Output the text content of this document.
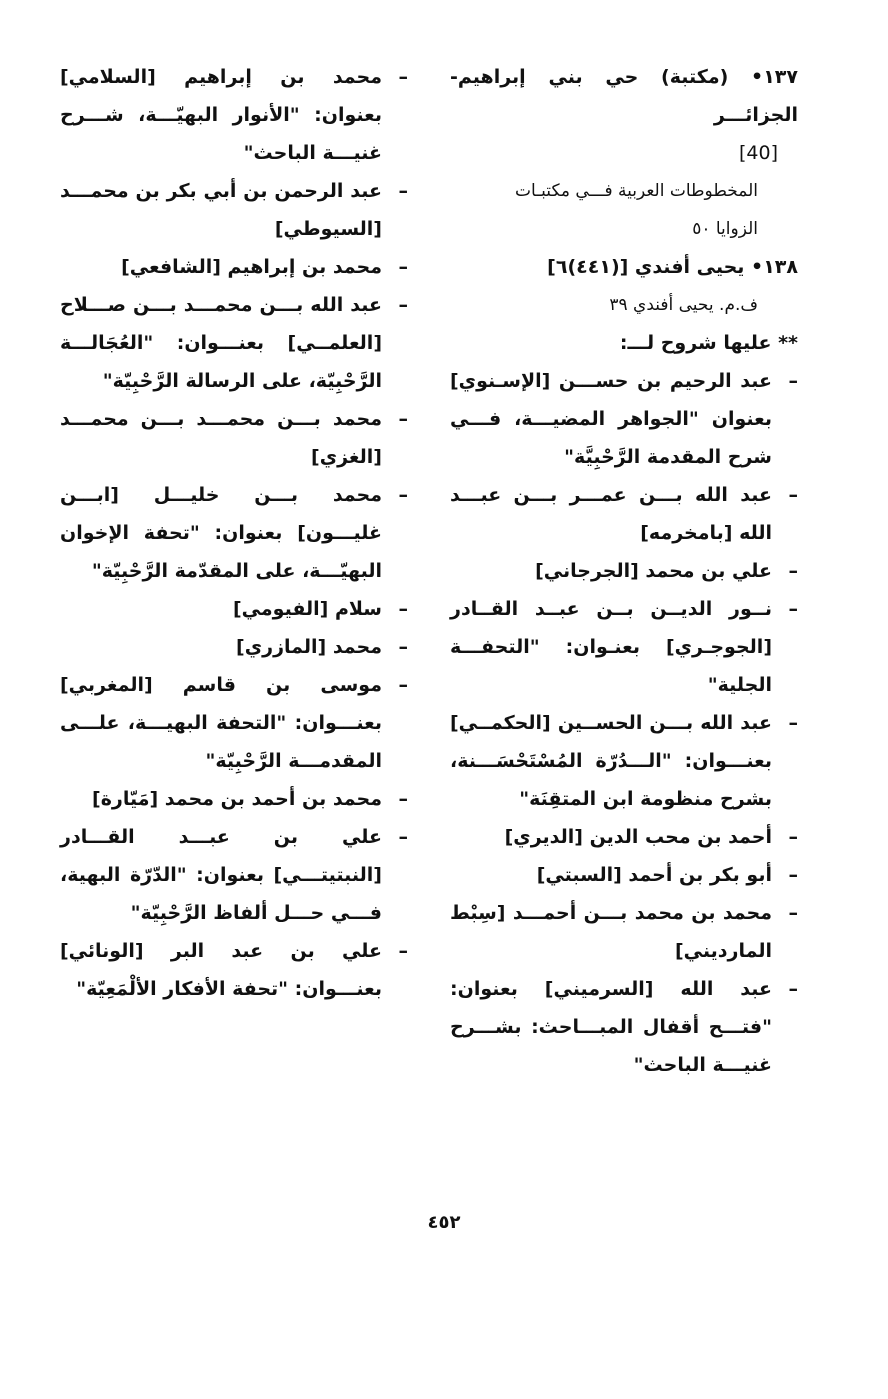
١٣٧• (مكتبة) حي بني إبراهيم- الجزائـــر

[40]

المخطوطات العربية فـــي مكتبـات

الزوايا ٥٠

١٣٨• يحيى أفندي [(٤٤١)٦]

ف.م. يحيى أفندي ٣٩

** عليها شروح لـــ:

–
عبد الرحيم بن حســـن [الإسـنوي] بعنوان "الجواهر المضيـــة، فـــي شرح المقدمة الرَّحْبِيَّة"

–
عبد الله بـــن عمـــر بـــن عبـــد الله [بامخرمه]

–
علي بن محمد [الجرجاني]

–
نــور الديــن بــن عبــد القــادر [الجوجـري] بعنـوان: "التحفـــة الجلية"

–
عبد الله بـــن الحســين [الحكمــي] بعنـــوان: "الـــدُرّة المُسْتَحْسَـــنة، بشرح منظومة ابن المتقِنَة"

–
أحمد بن محب الدين [الديري]

–
أبو بكر بن أحمد [السبتي]

–
محمد بن محمد بـــن أحمـــد [سِبْط المارديني]

–
عبد الله [السرميني] بعنوان: "فتـــح أقفال المبـــاحث: بشـــرح غنيـــة الباحث"

–
محمد بن إبراهيم [السلامي] بعنوان: "الأنوار البهيّـــة، شـــرح غنيـــة الباحث"

–
عبد الرحمن بن أبي بكر بن محمـــد [السيوطي]

–
محمد بن إبراهيم [الشافعي]

–
عبد الله بـــن محمـــد بـــن صـــلاح [العلمــي] بعنـــوان: "العُجَالـــة الرَّحْبِيّة، على الرسالة الرَّحْبِيّة"

–
محمد بـــن محمـــد بـــن محمـــد [الغزي]

–
محمد بـــن خليـــل [ابـــن غليـــون] بعنوان: "تحفة الإخوان البهيّـــة، على المقدّمة الرَّحْبِيّة"

–
سلام [الفيومي]

–
محمد [المازري]

–
موسى بن قاسم [المغربي] بعنـــوان: "التحفة البهيـــة، علـــى المقدمـــة الرَّحْبِيّة"

–
محمد بن أحمد بن محمد [مَيّارة]

–
علي بن عبـــد القـــادر [النبتيتـــي] بعنوان: "الدّرّة البهية، فـــي حـــل ألفاظ الرَّحْبِيّة"

–
علي بن عبد البر [الونائي] بعنـــوان: "تحفة الأفكار الألْمَعِيّة"

٤٥٢
